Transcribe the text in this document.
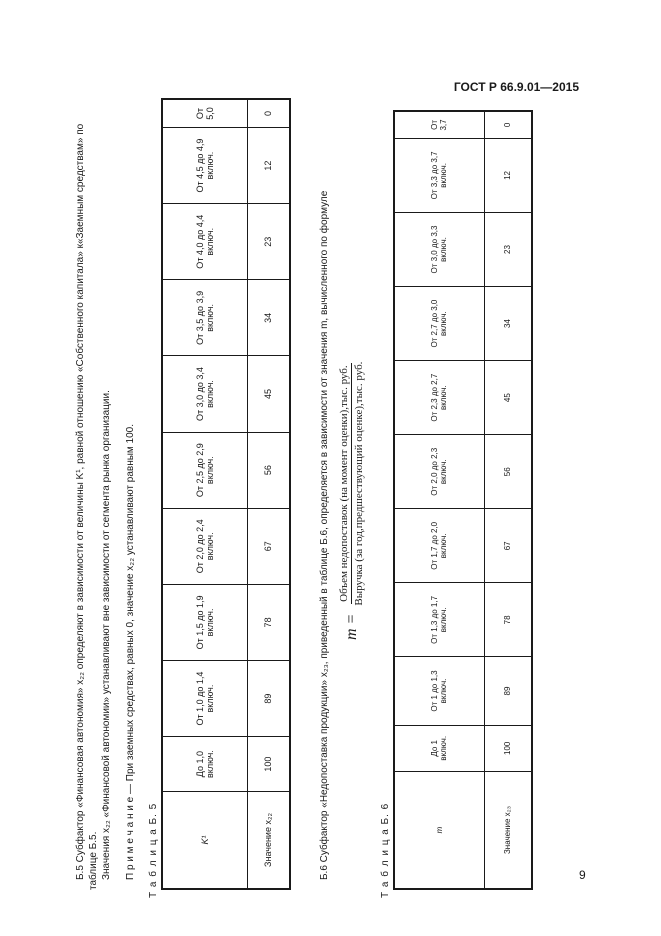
ГОСТ Р 66.9.01—2015

Б.5 Субфактор «Финансовая автономия» x₂₂ определяют в зависимости от величины K¹, равной отношению «Собственного капитала» к«Заемным средствам» по таблице Б.5. Значения x₂₂ «Финансовой автономии» устанавливают вне зависимости от сегмента рынка организации. П р и м е ч а н и е — При заемных средствах, равных 0, значение x₂₂ устанавливают равным 100. Т а б л и ц а Б. 5	K¹	До 1,0 включ.	От 1,0 до 1,4 включ.	От 1,5 до 1,9 включ.	От 2,0 до 2,4 включ.	От 2,5 до 2,9 включ.	От 3,0 до 3,4 включ.	От 3,5 до 3,9 включ.	От 4,0 до 4,4 включ.	От 4,5 до 4,9 включ.	От 5,0
Значение x₂₂	100	89	78	67	56	45	34	23	12	0

Б.6 Субфактор «Недопоставка продукции» x₂₃, приведенный в таблице Б.6, определяется в зависимости от значения m, вычисленного по формуле m =
Объем недопоставок (на момент оценки),тыс. руб. Выручка (за год,предшествующий оценке),тыс. руб.
Т а б л и ц а Б. 6	m	До 1 включ.	От 1 до 1,3 включ.	От 1,3 до 1,7 включ.	От 1,7 до 2,0 включ.	От 2,0 до 2,3 включ.	От 2,3 до 2,7 включ.	От 2,7 до 3,0 включ.	От 3,0 до 3,3 включ.	От 3,3 до 3,7 включ.	От 3,7
Значение x₂₃	100	89	78	67	56	45	34	23	12	0
9
